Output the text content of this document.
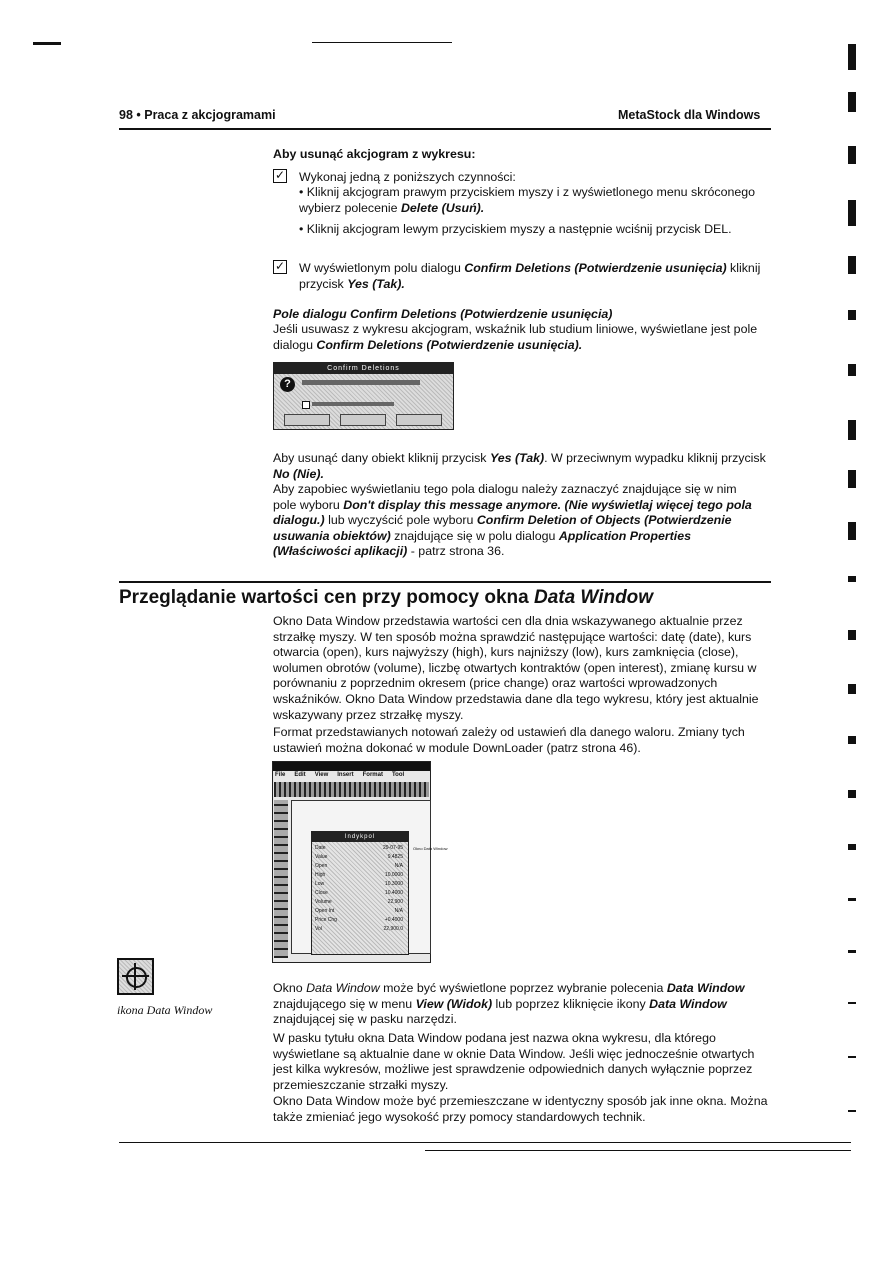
98 • Praca z akcjogramami	MetaStock dla Windows
Aby usunąć akcjogram z wykresu:
✓ Wykonaj jedną z poniższych czynności:
• Kliknij akcjogram prawym przyciskiem myszy i z wyświetlonego menu skróconego wybierz polecenie Delete (Usuń).
• Kliknij akcjogram lewym przyciskiem myszy a następnie wciśnij przycisk DEL.
✓ W wyświetlonym polu dialogu Confirm Deletions (Potwierdzenie usunięcia) kliknij przycisk Yes (Tak).
Pole dialogu Confirm Deletions (Potwierdzenie usunięcia)
Jeśli usuwasz z wykresu akcjogram, wskaźnik lub studium liniowe, wyświetlane jest pole dialogu Confirm Deletions (Potwierdzenie usunięcia).
Confirm Deletions
?
Aby usunąć dany obiekt kliknij przycisk Yes (Tak). W przeciwnym wypadku kliknij przycisk No (Nie).
Aby zapobiec wyświetlaniu tego pola dialogu należy zaznaczyć znajdujące się w nim pole wyboru Don't display this message anymore. (Nie wyświetlaj więcej tego pola dialogu.) lub wyczyścić pole wyboru Confirm Deletion of Objects (Potwierdzenie usuwania obiektów) znajdujące się w polu dialogu Application Properties (Właściwości aplikacji) - patrz strona 36.
Przeglądanie wartości cen przy pomocy okna Data Window
Okno Data Window przedstawia wartości cen dla dnia wskazywanego aktualnie przez strzałkę myszy. W ten sposób można sprawdzić następujące wartości: datę (date), kurs otwarcia (open), kurs najwyższy (high), kurs najniższy (low), kurs zamknięcia (close), wolumen obrotów (volume), liczbę otwartych kontraktów (open interest), zmianę kursu w porównaniu z poprzednim okresem (price change) oraz wartości wprowadzonych wskaźników. Okno Data Window przedstawia dane dla tego wykresu, który jest aktualnie wskazywany przez strzałkę myszy.
Format przedstawianych notowań zależy od ustawień dla danego waloru. Zmiany tych ustawień można dokonać w module DownLoader (patrz strona 46).
File Edit View Insert Format Tool
Indykpol
Date	29-07-95
Value	9.4825
Open	N/A
High	10.0000
Low	10.3000
Close	10.4000
Volume	22,900
Open Int	N/A
Price Chg	+0.4000
Vol	22,900.0
Okno Data Window
ikona Data Window
Okno Data Window może być wyświetlone poprzez wybranie polecenia Data Window znajdującego się w menu View (Widok) lub poprzez kliknięcie ikony Data Window znajdującej się w pasku narzędzi.
W pasku tytułu okna Data Window podana jest nazwa okna wykresu, dla którego wyświetlane są aktualnie dane w oknie Data Window. Jeśli więc jednocześnie otwartych jest kilka wykresów, możliwe jest sprawdzenie odpowiednich danych wyłącznie poprzez przemieszczanie strzałki myszy.
Okno Data Window może być przemieszczane w identyczny sposób jak inne okna. Można także zmieniać jego wysokość przy pomocy standardowych technik.
